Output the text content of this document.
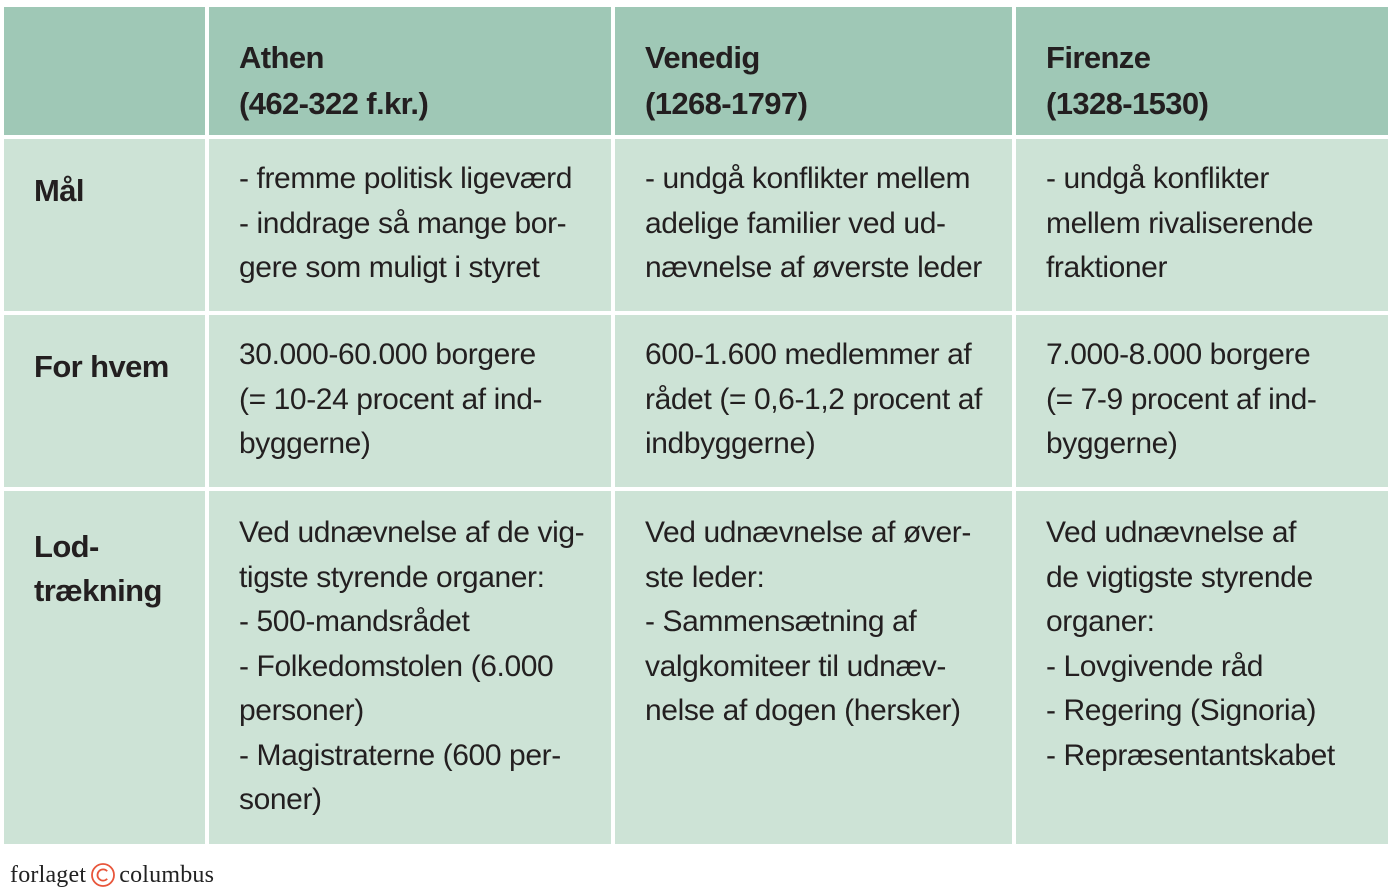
Athen
(462-322 f.kr.)
Venedig
(1268-1797)
Firenze
(1328-1530)
Mål	- fremme politisk ligeværd
- inddrage så mange bor-
gere som muligt i styret
- undgå konflikter mellem
adelige familier ved ud-
nævnelse af øverste leder
- undgå konflikter
mellem rivaliserende
fraktioner
For hvem	30.000-60.000 borgere
(= 10-24 procent af ind-
byggerne)
600-1.600 medlemmer af
rådet (= 0,6-1,2 procent af
indbyggerne)
7.000-8.000 borgere
(= 7-9 procent af ind-
byggerne)
Lod-
trækning
Ved udnævnelse af de vig-
tigste styrende organer:
- 500-mandsrådet
- Folkedomstolen (6.000
personer)
- Magistraterne (600 per-
soner)
Ved udnævnelse af øver-
ste leder:
- Sammensætning af
valgkomiteer til udnæv-
nelse af dogen (hersker)
Ved udnævnelse af
de vigtigste styrende
organer:
- Lovgivende råd
- Regering (Signoria)
- Repræsentantskabet
forlaget columbus
